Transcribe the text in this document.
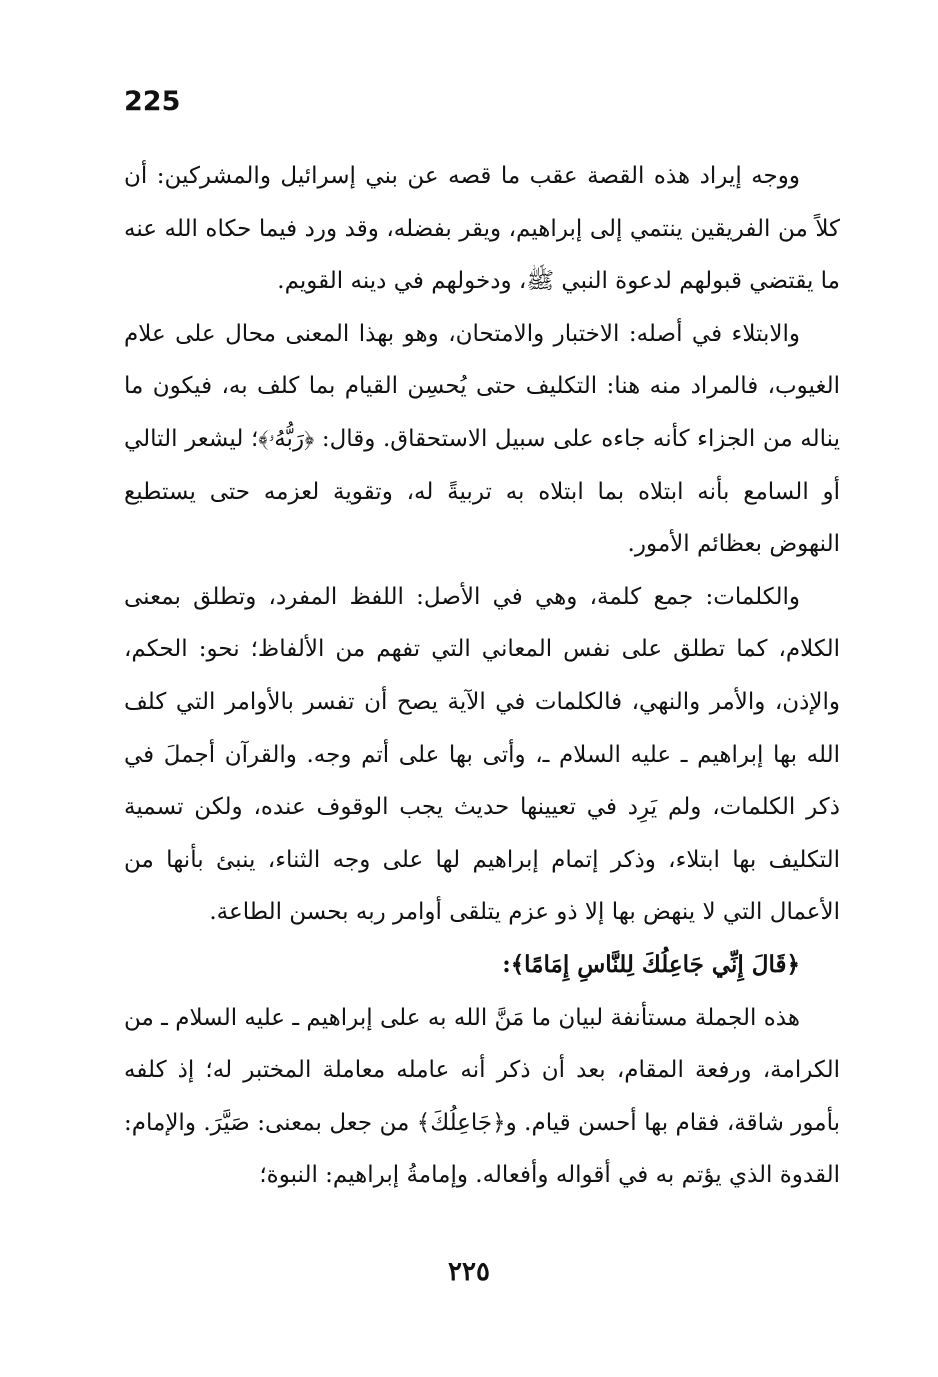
225

ووجه إيراد هذه القصة عقب ما قصه عن بني إسرائيل والمشركين: أن كلاً من الفريقين ينتمي إلى إبراهيم، ويقر بفضله، وقد ورد فيما حكاه الله عنه ما يقتضي قبولهم لدعوة النبي ﷺ، ودخولهم في دينه القويم.

والابتلاء في أصله: الاختبار والامتحان، وهو بهذا المعنى محال على علام الغيوب، فالمراد منه هنا: التكليف حتى يُحسِن القيام بما كلف به، فيكون ما يناله من الجزاء كأنه جاءه على سبيل الاستحقاق. وقال: ﴿رَبُّهُۥ﴾؛ ليشعر التالي أو السامع بأنه ابتلاه بما ابتلاه به تربيةً له، وتقوية لعزمه حتى يستطيع النهوض بعظائم الأمور.

والكلمات: جمع كلمة، وهي في الأصل: اللفظ المفرد، وتطلق بمعنى الكلام، كما تطلق على نفس المعاني التي تفهم من الألفاظ؛ نحو: الحكم، والإذن، والأمر والنهي، فالكلمات في الآية يصح أن تفسر بالأوامر التي كلف الله بها إبراهيم ـ عليه السلام ـ، وأتى بها على أتم وجه. والقرآن أجملَ في ذكر الكلمات، ولم يَرِد في تعيينها حديث يجب الوقوف عنده، ولكن تسمية التكليف بها ابتلاء، وذكر إتمام إبراهيم لها على وجه الثناء، ينبئ بأنها من الأعمال التي لا ينهض بها إلا ذو عزم يتلقى أوامر ربه بحسن الطاعة.

﴿قَالَ إِنِّي جَاعِلُكَ لِلنَّاسِ إِمَامًا﴾:

هذه الجملة مستأنفة لبيان ما مَنَّ الله به على إبراهيم ـ عليه السلام ـ من الكرامة، ورفعة المقام، بعد أن ذكر أنه عامله معاملة المختبر له؛ إذ كلفه بأمور شاقة، فقام بها أحسن قيام. و﴿جَاعِلُكَ﴾ من جعل بمعنى: صَيَّرَ. والإمام: القدوة الذي يؤتم به في أقواله وأفعاله. وإمامةُ إبراهيم: النبوة؛

٢٢٥
